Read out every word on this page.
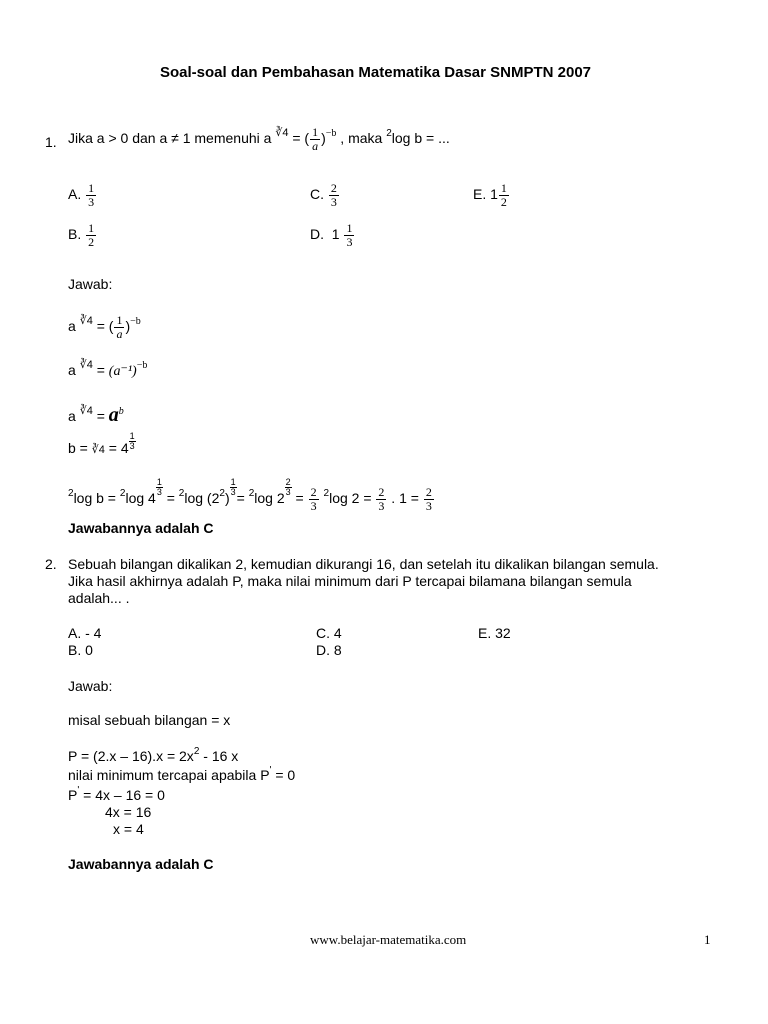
Soal-soal dan Pembahasan Matematika Dasar SNMPTN 2007
1. Jika a > 0 dan a ≠ 1 memenuhi a $^{∛4}$ = ( $\frac{1}{a} )^{-b}$ , maka $^2$log b = ...
A. $\frac{1}{3}$	C. $\frac{2}{3}$	E. $1 \frac{1}{2}$
B. $\frac{1}{2}$	D. $1 \frac{1}{3}$
Jawab:
a $^{∛4}$ = ( $\frac{1}{a} )^{-b}$
a $^{∛4} = (a^{-1})^{-b}$
a $^{∛4} = a^b$
b = ∛4 = $4 \frac{1}{3}$
$^2$log b = $^2$log 4
$\frac{1}{3}$
= $^2$log $(2^2)$
$\frac{1}{3}$
= $^2$log 2
$\frac{2}{3}$
= $\frac{2}{3} ^2\log$ $2 = \frac{2}{3}$ . $1 = \frac{2}{3}$
Jawabannya adalah C
2. Sebuah bilangan dikalikan 2, kemudian dikurangi 16, dan setelah itu dikalikan bilangan semula.
Jika hasil akhirnya adalah P, maka nilai minimum dari P tercapai bilamana bilangan semula
adalah... .
A. - 4	C. 4	E. 32
B. 0	D. 8
Jawab:
misal sebuah bilangan = x
$P = (2.x - 16).x = 2x^2 - 16$ x
nilai minimum tercapai apabila P' = 0
P' = 4x – 16 = 0
4x = 16
x = 4
Jawabannya adalah C
www.belajar-matematika.com	1
